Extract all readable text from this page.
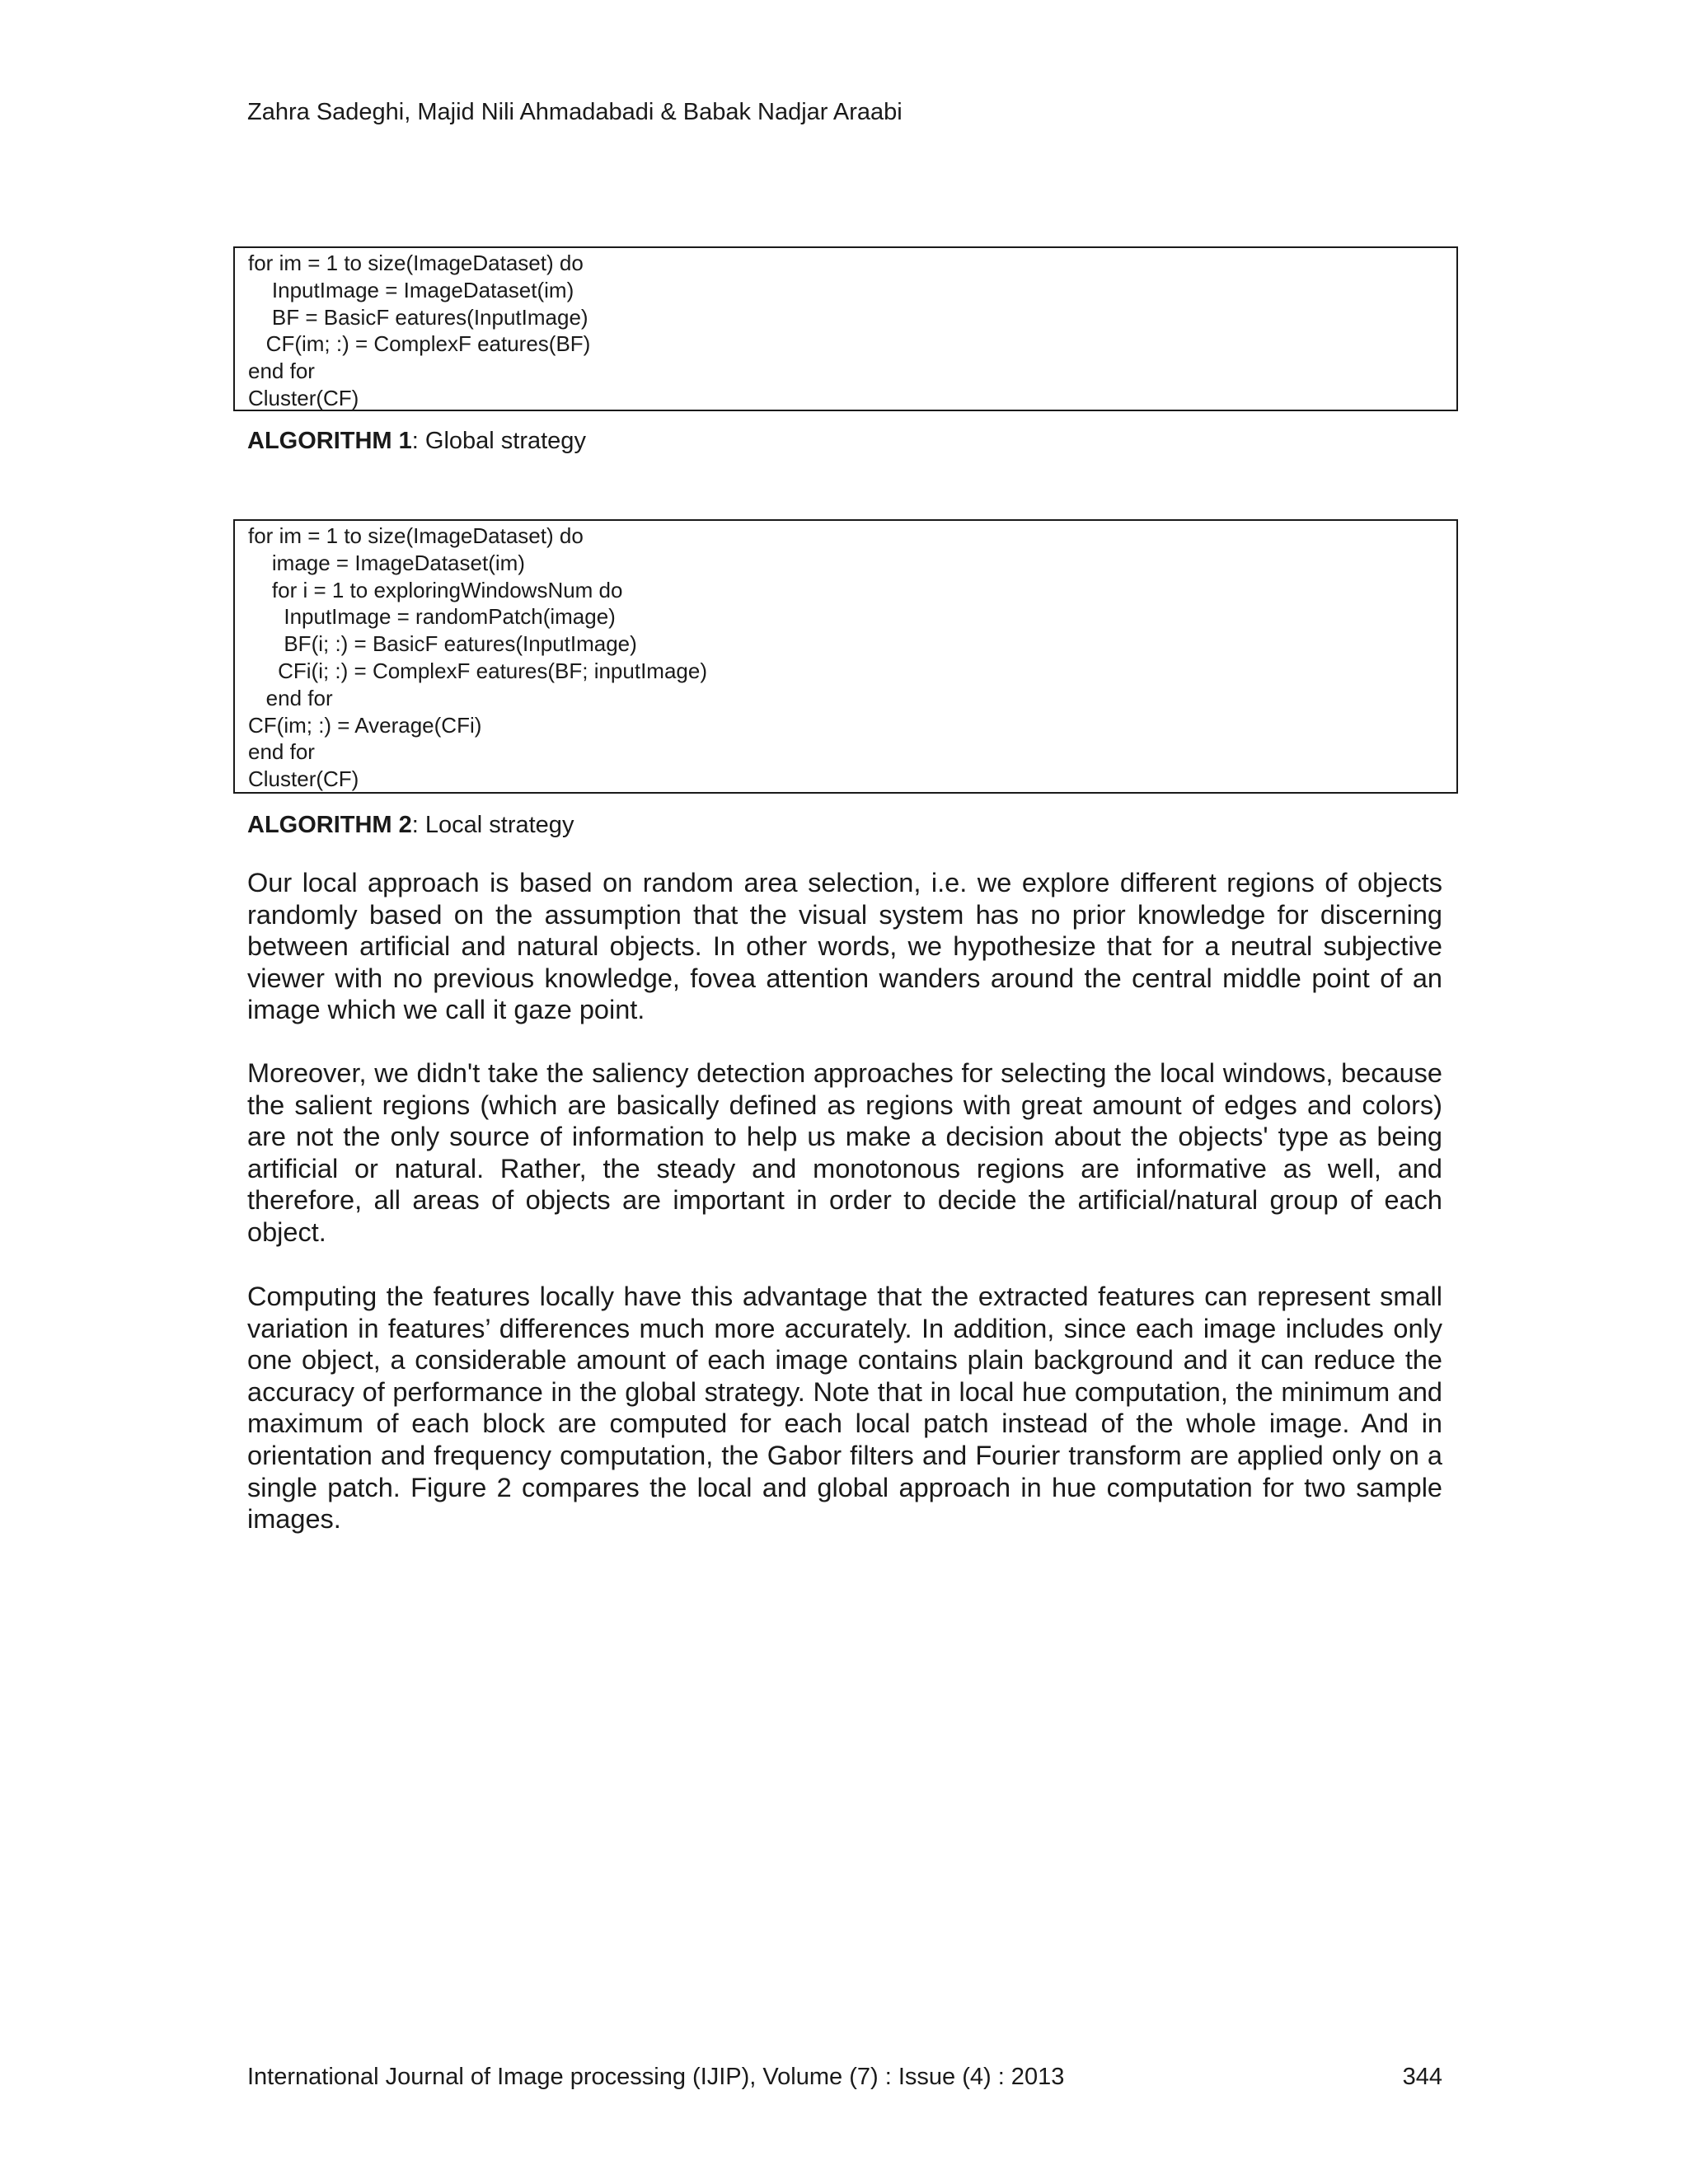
Zahra Sadeghi, Majid Nili Ahmadabadi & Babak Nadjar Araabi
for im = 1 to size(ImageDataset) do
InputImage = ImageDataset(im)
BF = BasicF eatures(InputImage)
CF(im; :) = ComplexF eatures(BF)
end for
Cluster(CF)
ALGORITHM 1: Global strategy
for im = 1 to size(ImageDataset) do
image = ImageDataset(im)
for i = 1 to exploringWindowsNum do
InputImage = randomPatch(image)
BF(i; :) = BasicF eatures(InputImage)
CFi(i; :) = ComplexF eatures(BF; inputImage)
end for
CF(im; :) = Average(CFi)
end for
Cluster(CF)
ALGORITHM 2: Local strategy

Our local approach is based on random area selection, i.e. we explore different regions of objects randomly based on the assumption that the visual system has no prior knowledge for discerning between artificial and natural objects. In other words, we hypothesize that for a neutral subjective viewer with no previous knowledge, fovea attention wanders around the central middle point of an image which we call it gaze point.

Moreover, we didn't take the saliency detection approaches for selecting the local windows, because the salient regions (which are basically defined as regions with great amount of edges and colors) are not the only source of information to help us make a decision about the objects' type as being artificial or natural. Rather, the steady and monotonous regions are informative as well, and therefore, all areas of objects are important in order to decide the artificial/natural group of each object.

Computing the features locally have this advantage that the extracted features can represent small variation in features’ differences much more accurately. In addition, since each image includes only one object, a considerable amount of each image contains plain background and it can reduce the accuracy of performance in the global strategy. Note that in local hue computation, the minimum and maximum of each block are computed for each local patch instead of the whole image. And in orientation and frequency computation, the Gabor filters and Fourier transform are applied only on a single patch. Figure 2 compares the local and global approach in hue computation for two sample images.

International Journal of Image processing (IJIP), Volume (7) : Issue (4) : 2013	344
